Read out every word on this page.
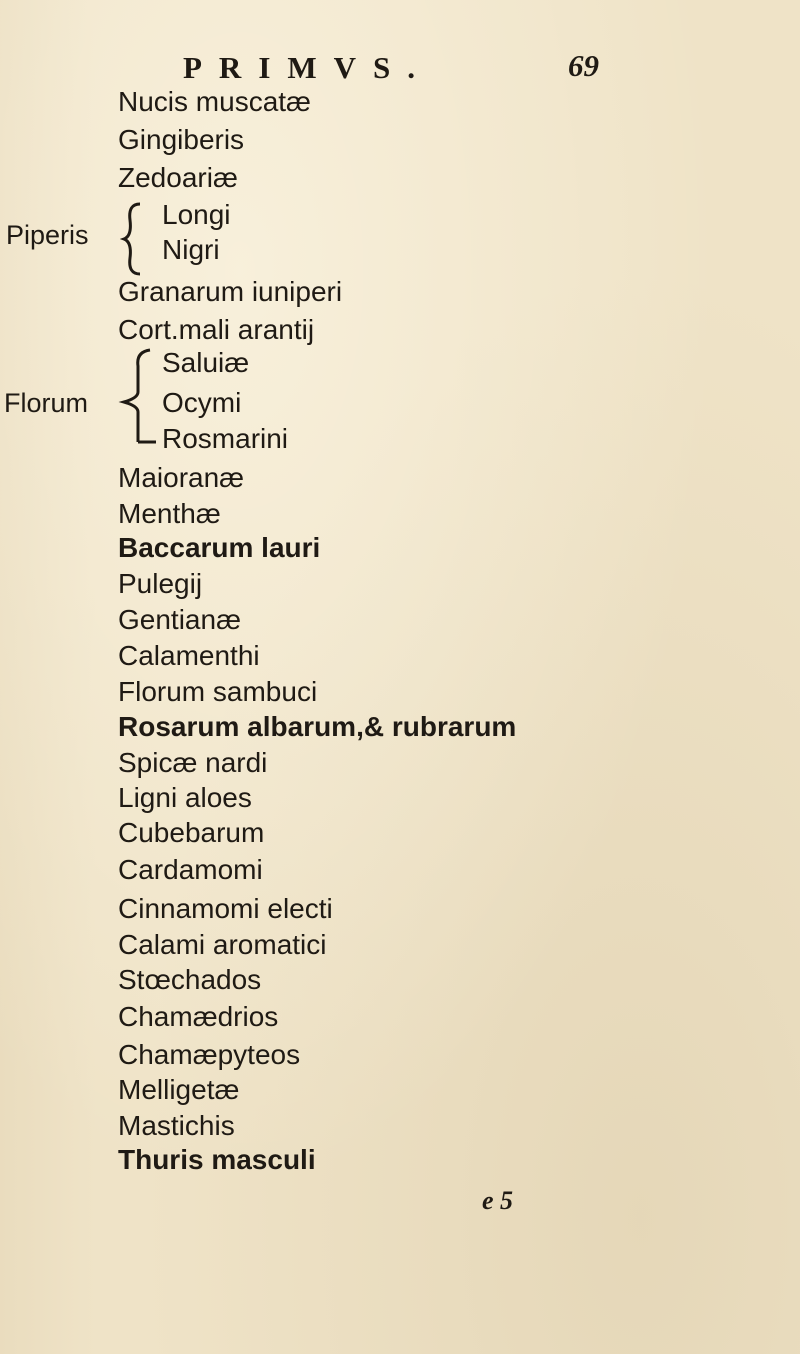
PRIMVS.	69
Nucis muscatæ
Gingiberis
Zedoariæ
Piperis
Longi
Nigri
Granarum iuniperi
Cort.mali arantij
Florum
Saluiæ
Ocymi
Rosmarini
Maioranæ
Menthæ
Baccarum lauri
Pulegij
Gentianæ
Calamenthi
Florum sambuci
Rosarum albarum,& rubrarum
Spicæ nardi
Ligni aloes
Cubebarum
Cardamomi
Cinnamomi electi
Calami aromatici
Stœchados
Chamædrios
Chamæpyteos
Melligetæ
Mastichis
Thuris masculi
e 5
